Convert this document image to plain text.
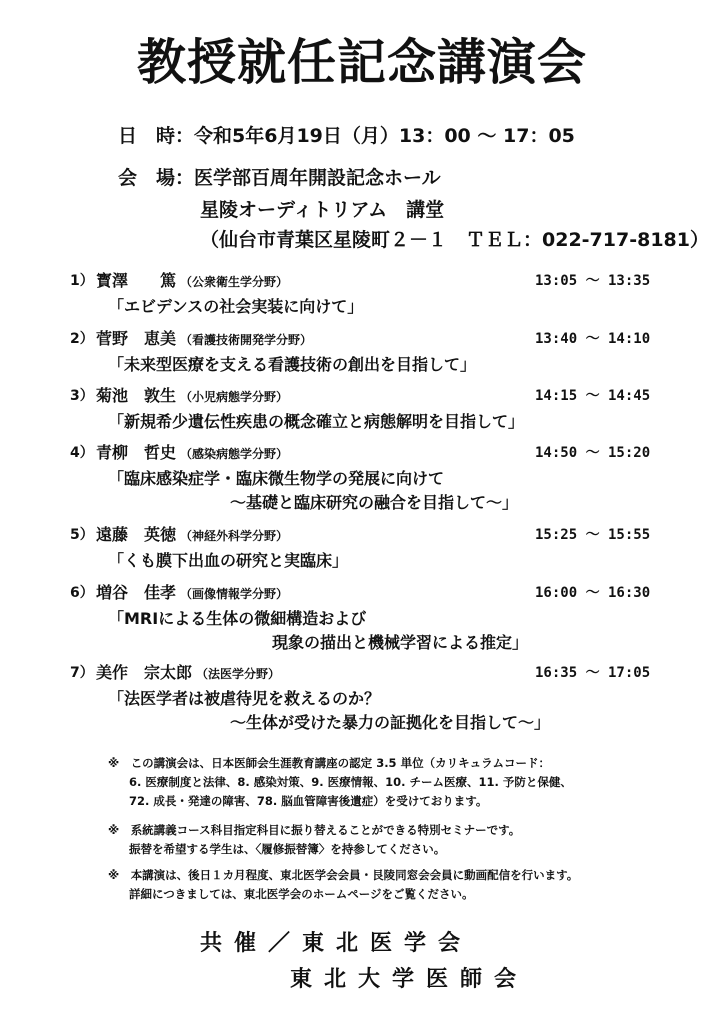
教授就任記念講演会
日　時：令和5年6月19日（月）13：00 ～ 17：05
会　場：医学部百周年開設記念ホール
星陵オーディトリアム　講堂
（仙台市青葉区星陵町２－１　ＴＥＬ：022-717-8181）
1） 寳澤　　篤 （公衆衛生学分野）	13:05 ～ 13:35
「エビデンスの社会実装に向けて」
2） 菅野　恵美 （看護技術開発学分野）	13:40 ～ 14:10
「未来型医療を支える看護技術の創出を目指して」
3） 菊池　敦生 （小児病態学分野）	14:15 ～ 14:45
「新規希少遺伝性疾患の概念確立と病態解明を目指して」
4） 青柳　哲史 （感染病態学分野）	14:50 ～ 15:20
「臨床感染症学・臨床微生物学の発展に向けて
～基礎と臨床研究の融合を目指して～」
5） 遠藤　英徳 （神経外科学分野）	15:25 ～ 15:55
「くも膜下出血の研究と実臨床」
6） 増谷　佳孝 （画像情報学分野）	16:00 ～ 16:30
「MRIによる生体の微細構造および
現象の描出と機械学習による推定」
7） 美作　宗太郎 （法医学分野）	16:35 ～ 17:05
「法医学者は被虐待児を救えるのか？
～生体が受けた暴力の証拠化を目指して～」
※　 この講演会は、日本医師会生涯教育講座の認定 3.5 単位（カリキュラムコード：
6. 医療制度と法律、8. 感染対策、9. 医療情報、10. チーム医療、11. 予防と保健、
72. 成長・発達の障害、78. 脳血管障害後遺症）を受けております。
※　 系統講義コース科目指定科目に振り替えることができる特別セミナーです。
振替を希望する学生は、〈履修振替簿〉を持参してください。
※　 本講演は、後日１カ月程度、東北医学会会員・艮陵同窓会会員に動画配信を行います。
詳細につきましては、東北医学会のホームページをご覧ください。
共催／東北医学会
東北大学医師会
